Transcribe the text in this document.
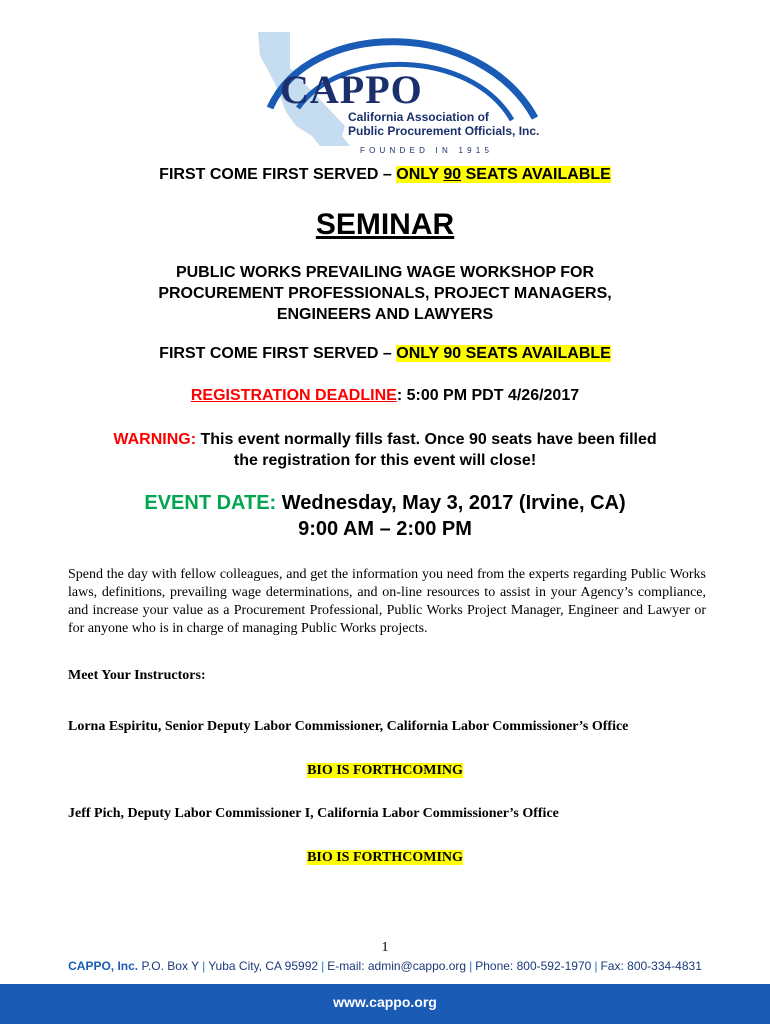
CAPPO
California Association of
Public Procurement Officials, Inc.
F O U N D E D   I N   1 9 1 5
FIRST COME FIRST SERVED – ONLY 90 SEATS AVAILABLE
SEMINAR
PUBLIC WORKS PREVAILING WAGE WORKSHOP FOR
PROCUREMENT PROFESSIONALS, PROJECT MANAGERS,
ENGINEERS AND LAWYERS
FIRST COME FIRST SERVED – ONLY 90 SEATS AVAILABLE
REGISTRATION DEADLINE: 5:00 PM PDT 4/26/2017
WARNING: This event normally fills fast. Once 90 seats have been filled
the registration for this event will close!
EVENT DATE: Wednesday, May 3, 2017 (Irvine, CA)
9:00 AM – 2:00 PM
Spend the day with fellow colleagues, and get the information you need from the experts regarding Public Works laws, definitions, prevailing wage determinations, and on-line resources to assist in your Agency’s compliance, and increase your value as a Procurement Professional, Public Works Project Manager, Engineer and Lawyer or for anyone who is in charge of managing Public Works projects.
Meet Your Instructors:
Lorna Espiritu, Senior Deputy Labor Commissioner, California Labor Commissioner’s Office
BIO IS FORTHCOMING
Jeff Pich, Deputy Labor Commissioner I, California Labor Commissioner’s Office
BIO IS FORTHCOMING
1
CAPPO, Inc. P.O. Box Y | Yuba City, CA 95992 | E-mail: admin@cappo.org | Phone: 800-592-1970 | Fax: 800-334-4831
www.cappo.org
